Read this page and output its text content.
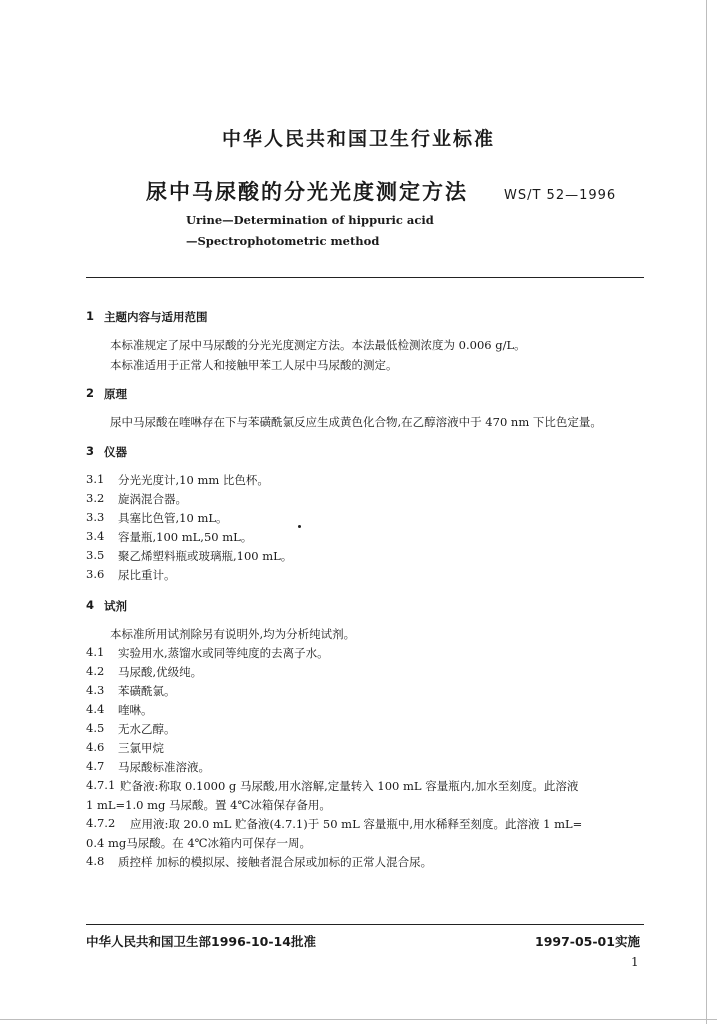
中华人民共和国卫生行业标准
尿中马尿酸的分光光度测定方法	WS/T 52—1996
Urine—Determination of hippuric acid
—Spectrophotometric method
1 主题内容与适用范围
本标准规定了尿中马尿酸的分光光度测定方法。本法最低检测浓度为 0.006 g/L。
本标准适用于正常人和接触甲苯工人尿中马尿酸的测定。
2 原理
尿中马尿酸在喹啉存在下与苯磺酰氯反应生成黄色化合物,在乙醇溶液中于 470 nm 下比色定量。
3 仪器
3.1 分光光度计,10 mm 比色杯。
3.2 旋涡混合器。
3.3 具塞比色管,10 mL。
3.4 容量瓶,100 mL,50 mL。
3.5 聚乙烯塑料瓶或玻璃瓶,100 mL。
3.6 尿比重计。
4 试剂
本标准所用试剂除另有说明外,均为分析纯试剂。
4.1 实验用水,蒸馏水或同等纯度的去离子水。
4.2 马尿酸,优级纯。
4.3 苯磺酰氯。
4.4 喹啉。
4.5 无水乙醇。
4.6 三氯甲烷
4.7 马尿酸标准溶液。
4.7.1 贮备液:称取 0.1000 g 马尿酸,用水溶解,定量转入 100 mL 容量瓶内,加水至刻度。此溶液
1 mL=1.0 mg 马尿酸。置 4℃冰箱保存备用。
4.7.2 应用液:取 20.0 mL 贮备液(4.7.1)于 50 mL 容量瓶中,用水稀释至刻度。此溶液 1 mL=
0.4 mg马尿酸。在 4℃冰箱内可保存一周。
4.8 质控样 加标的模拟尿、接触者混合尿或加标的正常人混合尿。
中华人民共和国卫生部1996-10-14批准	1997-05-01实施
1
